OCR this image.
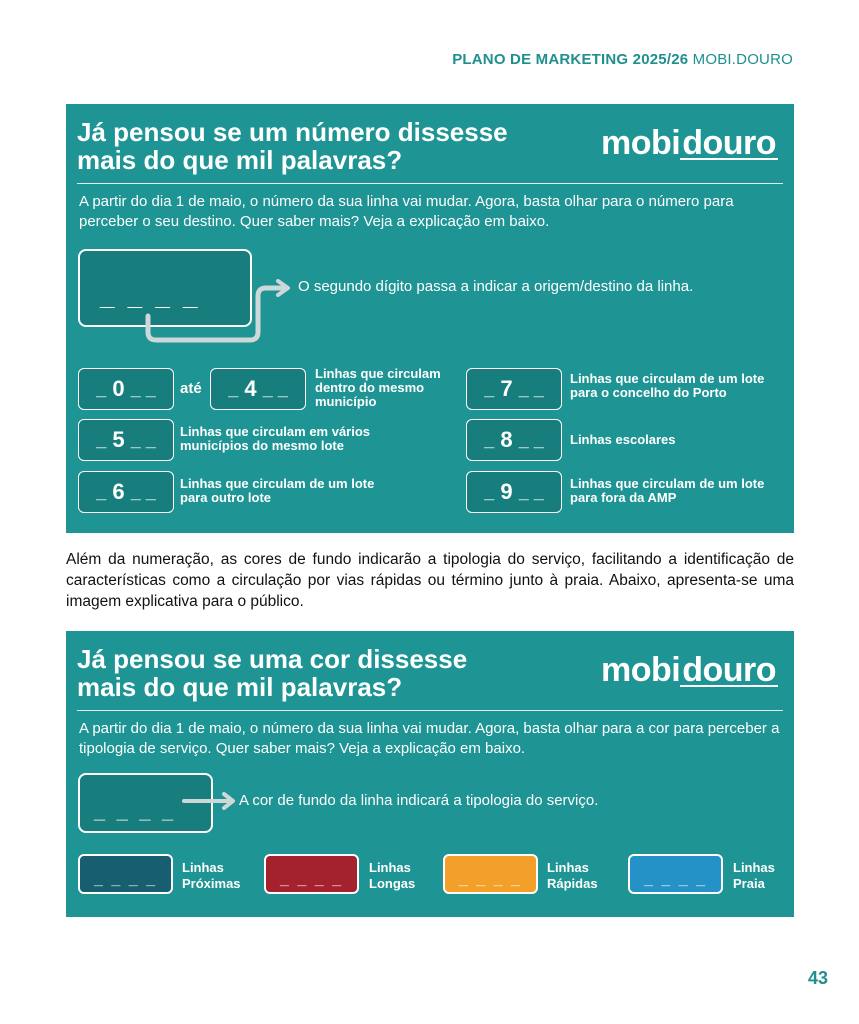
PLANO DE MARKETING 2025/26 MOBI.DOURO
Já pensou se um número dissesse
mais do que mil palavras?	mobidouro
A partir do dia 1 de maio, o número da sua linha vai mudar. Agora, basta olhar para o número para perceber o seu destino. Quer saber mais? Veja a explicação em baixo.
_ _ _ _	O segundo dígito passa a indicar a origem/destino da linha.
_
0
_ _ até _
4
_ _
Linhas que circulam dentro do mesmo município
_
5
_ _ Linhas que circulam em vários municípios do mesmo lote
_
6
_ _ Linhas que circulam de um lote para outro lote
_
7
_ _ Linhas que circulam de um lote para o concelho do Porto
_
8
_ _ Linhas escolares
_
9
_ _ Linhas que circulam de um lote para fora da AMP
Além da numeração, as cores de fundo indicarão a tipologia do serviço, facilitando a identificação de características como a circulação por vias rápidas ou término junto à praia. Abaixo, apresenta-se uma imagem explicativa para o público.
Já pensou se uma cor dissesse
mais do que mil palavras?	mobidouro
A partir do dia 1 de maio, o número da sua linha vai mudar. Agora, basta olhar para a cor para perceber a tipologia de serviço. Quer saber mais? Veja a explicação em baixo.
_ _ _ _
A cor de fundo da linha indicará a tipologia do serviço.
_ _ _ _
Linhas
Próximas _ _ _ _
Linhas
Longas	_ _ _ _
Linhas
Rápidas	_ _ _ _
Linhas
Praia
43
